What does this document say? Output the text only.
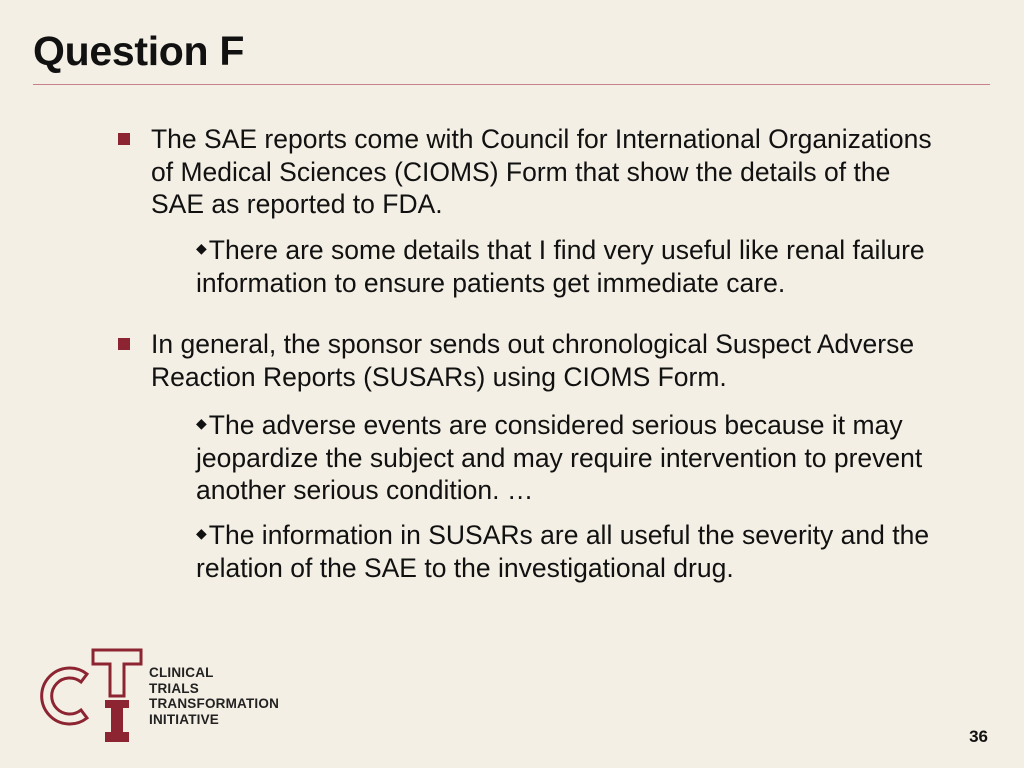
Question F

The SAE reports come with Council for International Organizations of Medical Sciences (CIOMS) Form that show the details of the SAE as reported to FDA.

◆There are some details that I find very useful like renal failure information to ensure patients get immediate care.

In general, the sponsor sends out chronological Suspect Adverse Reaction Reports (SUSARs) using CIOMS Form.

◆The adverse events are considered serious because it may jeopardize the subject and may require intervention to prevent another serious condition. …

◆The information in SUSARs are all useful the severity and the relation of the SAE to the investigational drug.

CLINICAL
TRIALS
TRANSFORMATION
INITIATIVE
36
